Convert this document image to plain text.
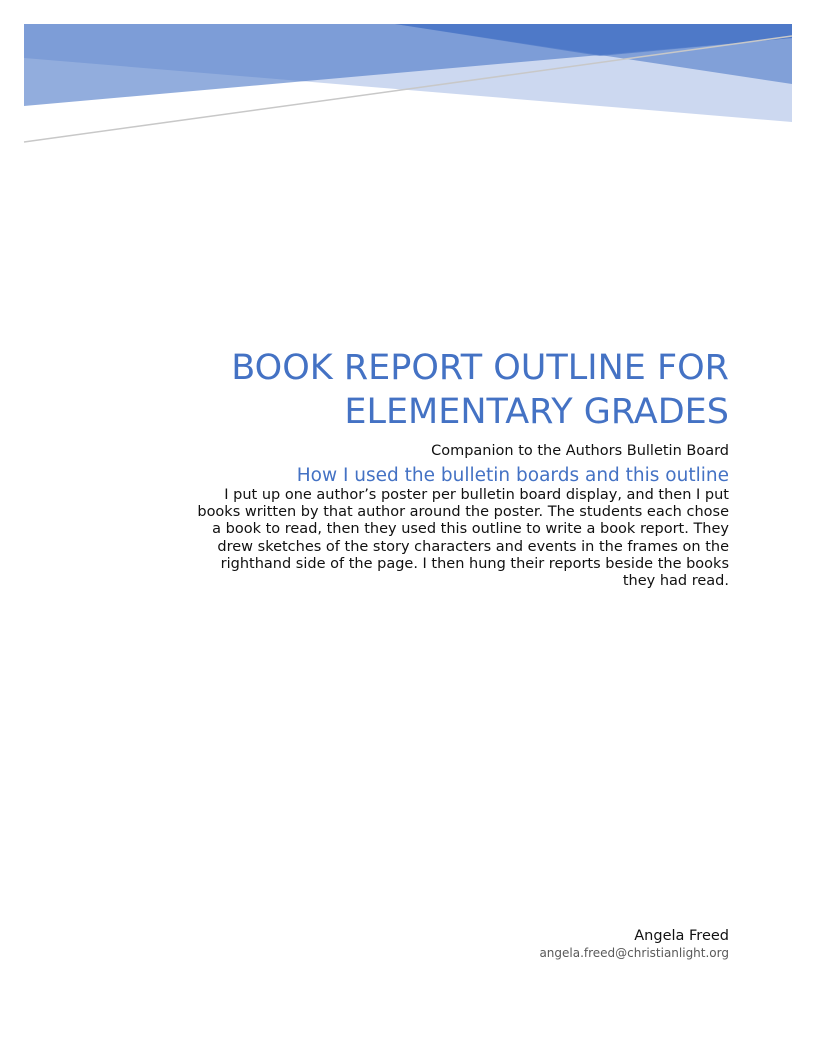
BOOK REPORT OUTLINE FOR ELEMENTARY GRADES
Companion to the Authors Bulletin Board
How I used the bulletin boards and this outline
I put up one author’s poster per bulletin board display, and then I put books written by that author around the poster. The students each chose a book to read, then they used this outline to write a book report. They drew sketches of the story characters and events in the frames on the righthand side of the page. I then hung their reports beside the books they had read.
Angela Freed
angela.freed@christianlight.org
